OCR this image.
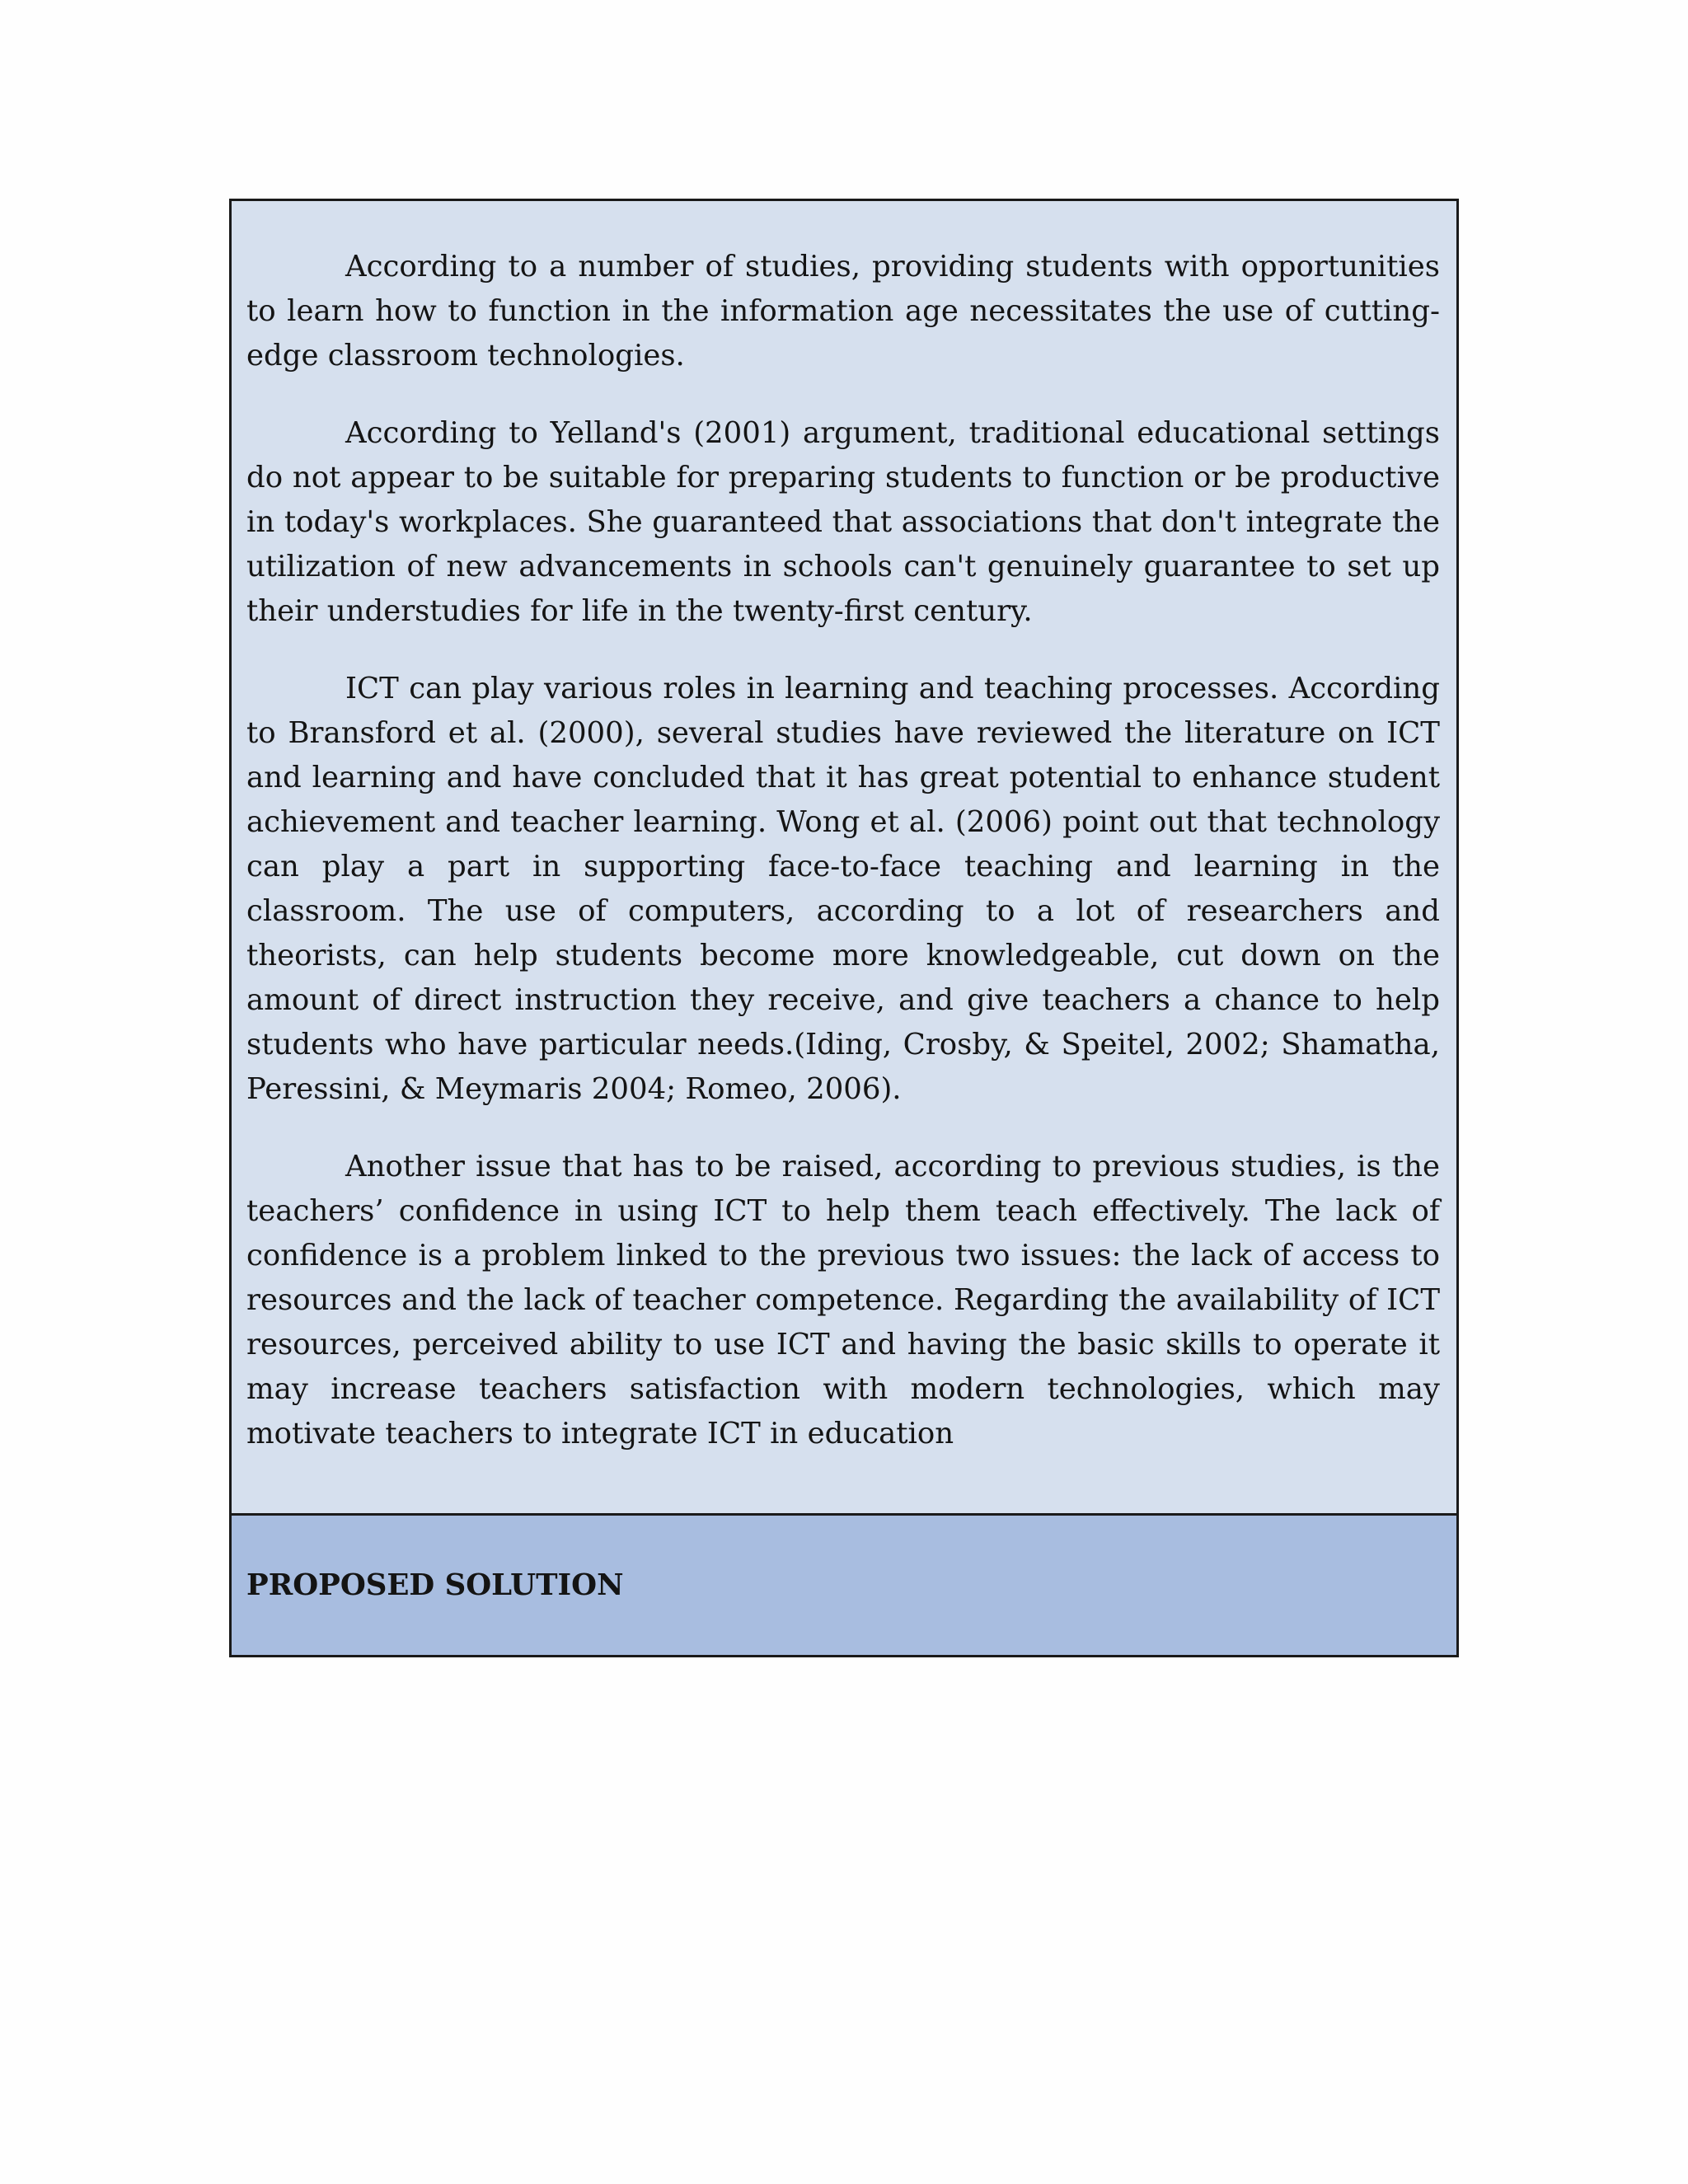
According to a number of studies, providing students with opportunities to learn how to function in the information age necessitates the use of cutting-edge classroom technologies.

According to Yelland's (2001) argument, traditional educational settings do not appear to be suitable for preparing students to function or be productive in today's workplaces. She guaranteed that associations that don't integrate the utilization of new advancements in schools can't genuinely guarantee to set up their understudies for life in the twenty-first century.

ICT can play various roles in learning and teaching processes. According to Bransford et al. (2000), several studies have reviewed the literature on ICT and learning and have concluded that it has great potential to enhance student achievement and teacher learning. Wong et al. (2006) point out that technology can play a part in supporting face-to-face teaching and learning in the classroom. The use of computers, according to a lot of researchers and theorists, can help students become more knowledgeable, cut down on the amount of direct instruction they receive, and give teachers a chance to help students who have particular needs.(Iding, Crosby, & Speitel, 2002; Shamatha, Peressini, & Meymaris 2004; Romeo, 2006).

Another issue that has to be raised, according to previous studies, is the teachers’ confidence in using ICT to help them teach effectively. The lack of confidence is a problem linked to the previous two issues: the lack of access to resources and the lack of teacher competence. Regarding the availability of ICT resources, perceived ability to use ICT and having the basic skills to operate it may increase teachers satisfaction with modern technologies, which may motivate teachers to integrate ICT in education

PROPOSED SOLUTION
